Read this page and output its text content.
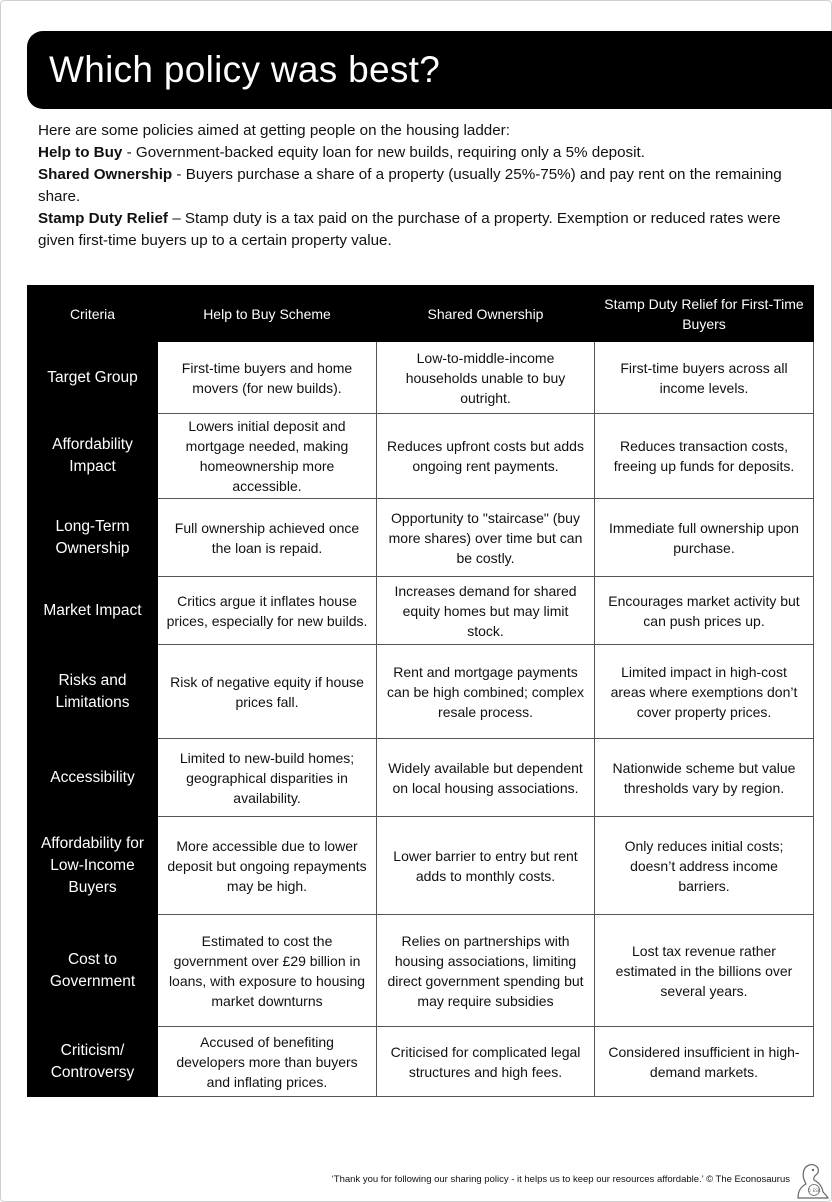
Which policy was best?

Here are some policies aimed at getting people on the housing ladder:

Help to Buy - Government-backed equity loan for new builds, requiring only a 5% deposit.

Shared Ownership - Buyers purchase a share of a property (usually 25%-75%) and pay rent on the remaining share.

Stamp Duty Relief – Stamp duty is a tax paid on the purchase of a property. Exemption or reduced rates were given first-time buyers up to a certain property value.

Criteria	Help to Buy Scheme	Shared Ownership	Stamp Duty Relief for First-Time Buyers
Target Group	First-time buyers and home movers (for new builds).	Low-to-middle-income households unable to buy outright.	First-time buyers across all income levels.
Affordability Impact	Lowers initial deposit and mortgage needed, making homeownership more accessible.	Reduces upfront costs but adds ongoing rent payments.	Reduces transaction costs, freeing up funds for deposits.
Long-Term Ownership	Full ownership achieved once the loan is repaid.	Opportunity to "staircase" (buy more shares) over time but can be costly.	Immediate full ownership upon purchase.
Market Impact	Critics argue it inflates house prices, especially for new builds.	Increases demand for shared equity homes but may limit stock.	Encourages market activity but can push prices up.
Risks and Limitations	Risk of negative equity if house prices fall.	Rent and mortgage payments can be high combined; complex resale process.	Limited impact in high-cost areas where exemptions don’t cover property prices.
Accessibility	Limited to new-build homes; geographical disparities in availability.	Widely available but dependent on local housing associations.	Nationwide scheme but value thresholds vary by region.
Affordability for Low-Income Buyers	More accessible due to lower deposit but ongoing repayments may be high.	Lower barrier to entry but rent adds to monthly costs.	Only reduces initial costs; doesn’t address income barriers.
Cost to Government	Estimated to cost the government over £29 billion in loans, with exposure to housing market downturns	Relies on partnerships with housing associations, limiting direct government spending but may require subsidies	Lost tax revenue rather estimated in the billions over several years.
Criticism/ Controversy	Accused of benefiting developers more than buyers and inflating prices.	Criticised for complicated legal structures and high fees.	Considered insufficient in high-demand markets.
‘Thank you for following our sharing policy - it helps us to keep our resources affordable.’ © The Econosaurus
© ESR
